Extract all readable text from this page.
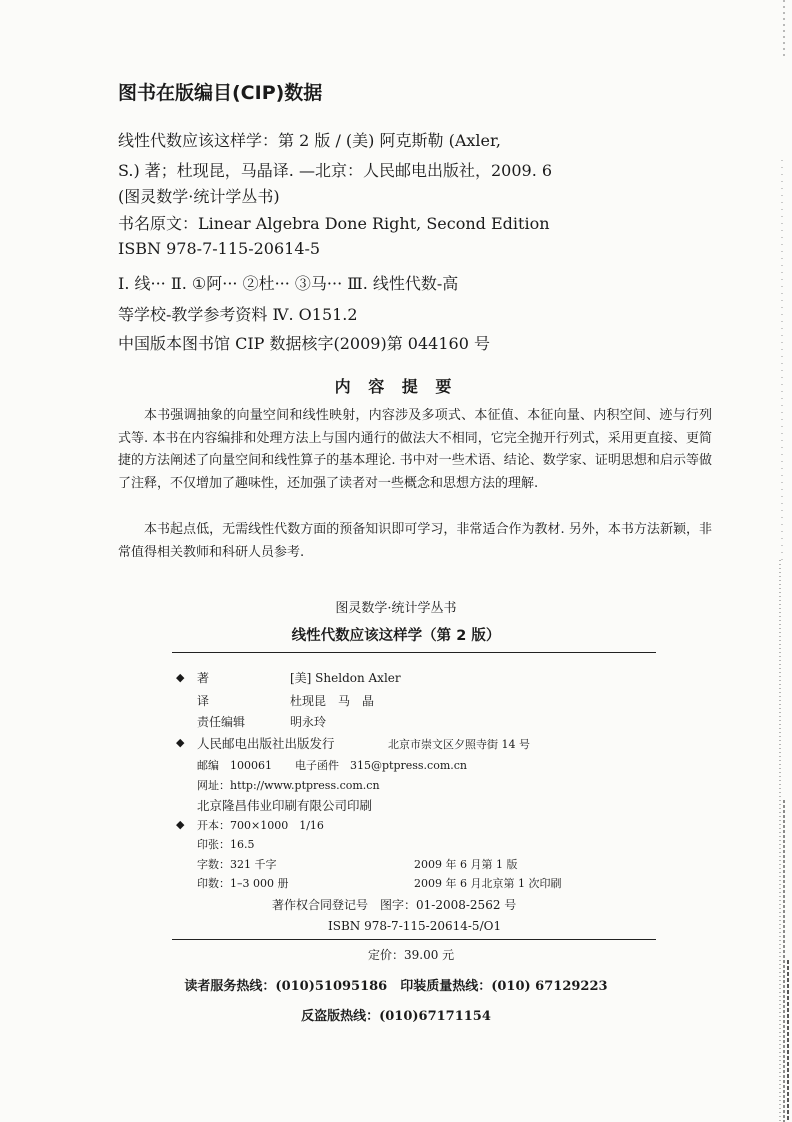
图书在版编目(CIP)数据
线性代数应该这样学：第 2 版 / (美) 阿克斯勒 (Axler,
S.) 著；杜现昆，马晶译. —北京：人民邮电出版社，2009. 6
(图灵数学·统计学丛书)
书名原文：Linear Algebra Done Right, Second Edition
ISBN 978-7-115-20614-5
Ⅰ. 线··· Ⅱ. ①阿··· ②杜··· ③马··· Ⅲ. 线性代数-高
等学校-教学参考资料 Ⅳ. O151.2
中国版本图书馆 CIP 数据核字(2009)第 044160 号
内 容 提 要
本书强调抽象的向量空间和线性映射，内容涉及多项式、本征值、本征向量、内积空间、迹与行列式等. 本书在内容编排和处理方法上与国内通行的做法大不相同，它完全抛开行列式，采用更直接、更简捷的方法阐述了向量空间和线性算子的基本理论. 书中对一些术语、结论、数学家、证明思想和启示等做了注释，不仅增加了趣味性，还加强了读者对一些概念和思想方法的理解.
本书起点低，无需线性代数方面的预备知识即可学习，非常适合作为教材. 另外，本书方法新颖，非常值得相关教师和科研人员参考.
图灵数学·统计学丛书
线性代数应该这样学（第 2 版）
◆ 著	[美] Sheldon Axler
译	杜现昆　马　晶
责任编辑	明永玲
◆ 人民邮电出版社出版发行	北京市崇文区夕照寺街 14 号
邮编　100061 电子函件　315@ptpress.com.cn
网址：http://www.ptpress.com.cn
北京隆昌伟业印刷有限公司印刷
◆ 开本：700×1000　1/16
印张：16.5
字数：321 千字	2009 年 6 月第 1 版
印数：1–3 000 册	2009 年 6 月北京第 1 次印刷
著作权合同登记号　图字：01-2008-2562 号
ISBN 978-7-115-20614-5/O1
定价：39.00 元
读者服务热线：(010)51095186　印装质量热线：(010) 67129223
反盗版热线：(010)67171154
